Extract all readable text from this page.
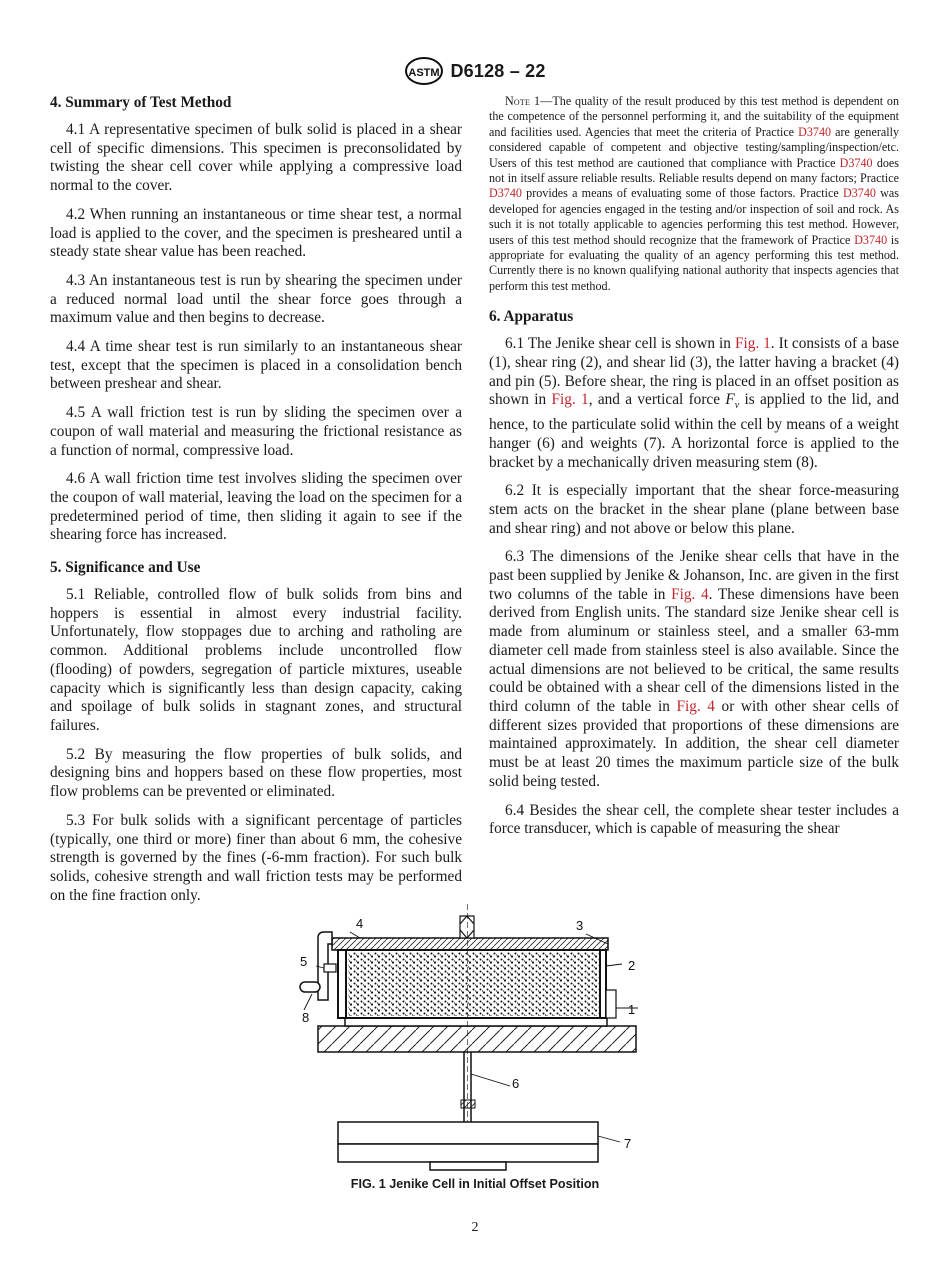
ASTM D6128 – 22
4. Summary of Test Method

4.1 A representative specimen of bulk solid is placed in a shear cell of specific dimensions. This specimen is preconsolidated by twisting the shear cell cover while applying a compressive load normal to the cover.

4.2 When running an instantaneous or time shear test, a normal load is applied to the cover, and the specimen is presheared until a steady state shear value has been reached.

4.3 An instantaneous test is run by shearing the specimen under a reduced normal load until the shear force goes through a maximum value and then begins to decrease.

4.4 A time shear test is run similarly to an instantaneous shear test, except that the specimen is placed in a consolidation bench between preshear and shear.

4.5 A wall friction test is run by sliding the specimen over a coupon of wall material and measuring the frictional resistance as a function of normal, compressive load.

4.6 A wall friction time test involves sliding the specimen over the coupon of wall material, leaving the load on the specimen for a predetermined period of time, then sliding it again to see if the shearing force has increased.

5. Significance and Use

5.1 Reliable, controlled flow of bulk solids from bins and hoppers is essential in almost every industrial facility. Unfortunately, flow stoppages due to arching and ratholing are common. Additional problems include uncontrolled flow (flooding) of powders, segregation of particle mixtures, useable capacity which is significantly less than design capacity, caking and spoilage of bulk solids in stagnant zones, and structural failures.

5.2 By measuring the flow properties of bulk solids, and designing bins and hoppers based on these flow properties, most flow problems can be prevented or eliminated.

5.3 For bulk solids with a significant percentage of particles (typically, one third or more) finer than about 6 mm, the cohesive strength is governed by the fines (-6-mm fraction). For such bulk solids, cohesive strength and wall friction tests may be performed on the fine fraction only.

Note 1—The quality of the result produced by this test method is dependent on the competence of the personnel performing it, and the suitability of the equipment and facilities used. Agencies that meet the criteria of Practice D3740 are generally considered capable of competent and objective testing/sampling/inspection/etc. Users of this test method are cautioned that compliance with Practice D3740 does not in itself assure reliable results. Reliable results depend on many factors; Practice D3740 provides a means of evaluating some of those factors. Practice D3740 was developed for agencies engaged in the testing and/or inspection of soil and rock. As such it is not totally applicable to agencies performing this test method. However, users of this test method should recognize that the framework of Practice D3740 is appropriate for evaluating the quality of an agency performing this test method. Currently there is no known qualifying national authority that inspects agencies that perform this test method.
6. Apparatus

6.1 The Jenike shear cell is shown in Fig. 1. It consists of a base (1), shear ring (2), and shear lid (3), the latter having a bracket (4) and pin (5). Before shear, the ring is placed in an offset position as shown in Fig. 1, and a vertical force $F_v$ is applied to the lid, and hence, to the particulate solid within the cell by means of a weight hanger (6) and weights (7). A horizontal force is applied to the bracket by a mechanically driven measuring stem (8).

6.2 It is especially important that the shear force-measuring stem acts on the bracket in the shear plane (plane between base and shear ring) and not above or below this plane.

6.3 The dimensions of the Jenike shear cells that have in the past been supplied by Jenike & Johanson, Inc. are given in the first two columns of the table in Fig. 4. These dimensions have been derived from English units. The standard size Jenike shear cell is made from aluminum or stainless steel, and a smaller 63-mm diameter cell made from stainless steel is also available. Since the actual dimensions are not believed to be critical, the same results could be obtained with a shear cell of the dimensions listed in the third column of the table in Fig. 4 or with other shear cells of different sizes provided that proportions of these dimensions are maintained approximately. In addition, the shear cell diameter must be at least 20 times the maximum particle size of the bulk solid being tested.

6.4 Besides the shear cell, the complete shear tester includes a force transducer, which is capable of measuring the shear

1
2
3
4
5
6
7
8
FIG. 1 Jenike Cell in Initial Offset Position
2
